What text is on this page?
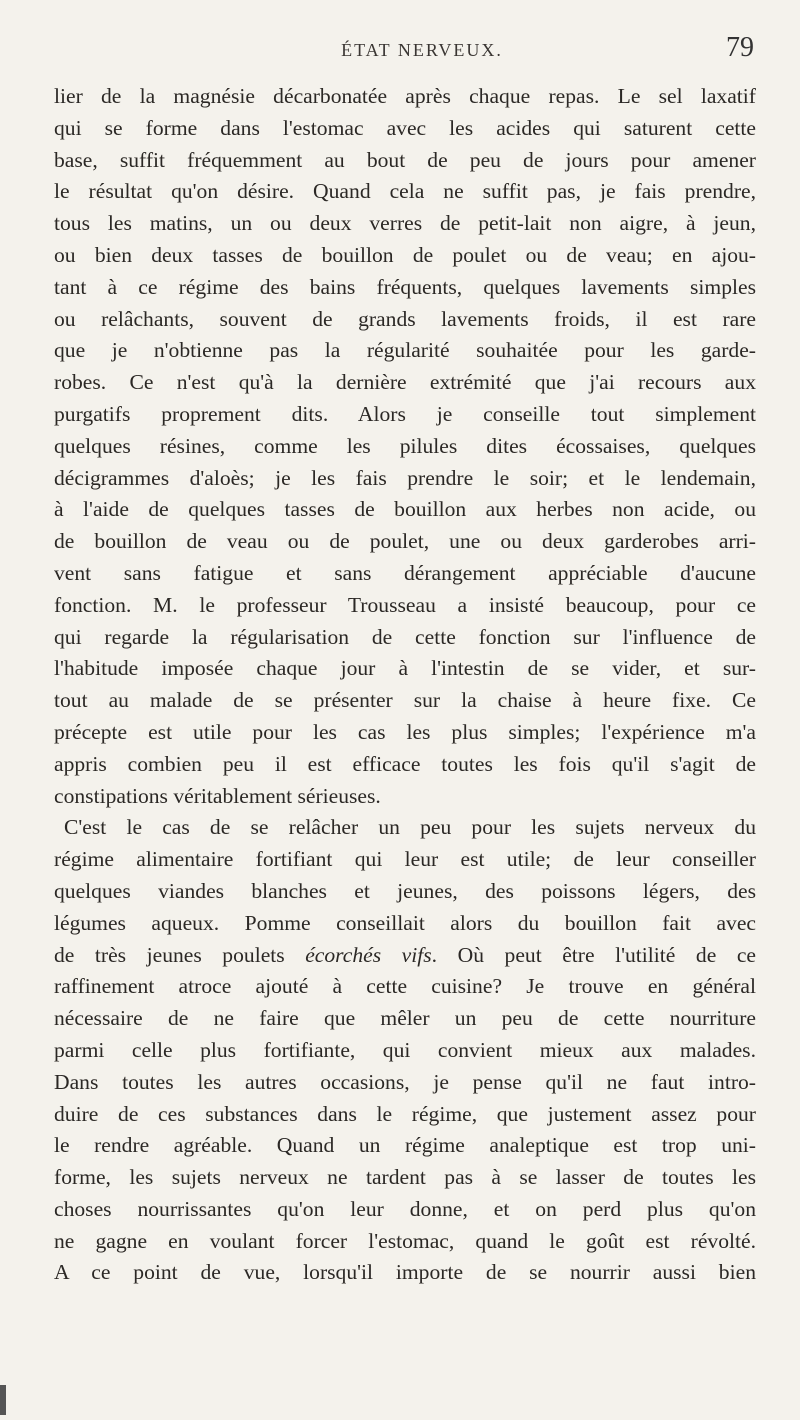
ÉTAT NERVEUX.	79
lier de la magnésie décarbonatée après chaque repas. Le sel laxatif
qui se forme dans l'estomac avec les acides qui saturent cette
base, suffit fréquemment au bout de peu de jours pour amener
le résultat qu'on désire. Quand cela ne suffit pas, je fais prendre,
tous les matins, un ou deux verres de petit-lait non aigre, à jeun,
ou bien deux tasses de bouillon de poulet ou de veau; en ajou-
tant à ce régime des bains fréquents, quelques lavements simples
ou relâchants, souvent de grands lavements froids, il est rare
que je n'obtienne pas la régularité souhaitée pour les garde-
robes. Ce n'est qu'à la dernière extrémité que j'ai recours aux
purgatifs proprement dits. Alors je conseille tout simplement
quelques résines, comme les pilules dites écossaises, quelques
décigrammes d'aloès; je les fais prendre le soir; et le lendemain,
à l'aide de quelques tasses de bouillon aux herbes non acide, ou
de bouillon de veau ou de poulet, une ou deux garderobes arri-
vent sans fatigue et sans dérangement appréciable d'aucune
fonction. M. le professeur Trousseau a insisté beaucoup, pour ce
qui regarde la régularisation de cette fonction sur l'influence de
l'habitude imposée chaque jour à l'intestin de se vider, et sur-
tout au malade de se présenter sur la chaise à heure fixe. Ce
précepte est utile pour les cas les plus simples; l'expérience m'a
appris combien peu il est efficace toutes les fois qu'il s'agit de
constipations véritablement sérieuses.
C'est le cas de se relâcher un peu pour les sujets nerveux du
régime alimentaire fortifiant qui leur est utile; de leur conseiller
quelques viandes blanches et jeunes, des poissons légers, des
légumes aqueux. Pomme conseillait alors du bouillon fait avec
de très jeunes poulets écorchés vifs. Où peut être l'utilité de ce
raffinement atroce ajouté à cette cuisine? Je trouve en général
nécessaire de ne faire que mêler un peu de cette nourriture
parmi celle plus fortifiante, qui convient mieux aux malades.
Dans toutes les autres occasions, je pense qu'il ne faut intro-
duire de ces substances dans le régime, que justement assez pour
le rendre agréable. Quand un régime analeptique est trop uni-
forme, les sujets nerveux ne tardent pas à se lasser de toutes les
choses nourrissantes qu'on leur donne, et on perd plus qu'on
ne gagne en voulant forcer l'estomac, quand le goût est révolté.
A ce point de vue, lorsqu'il importe de se nourrir aussi bien
